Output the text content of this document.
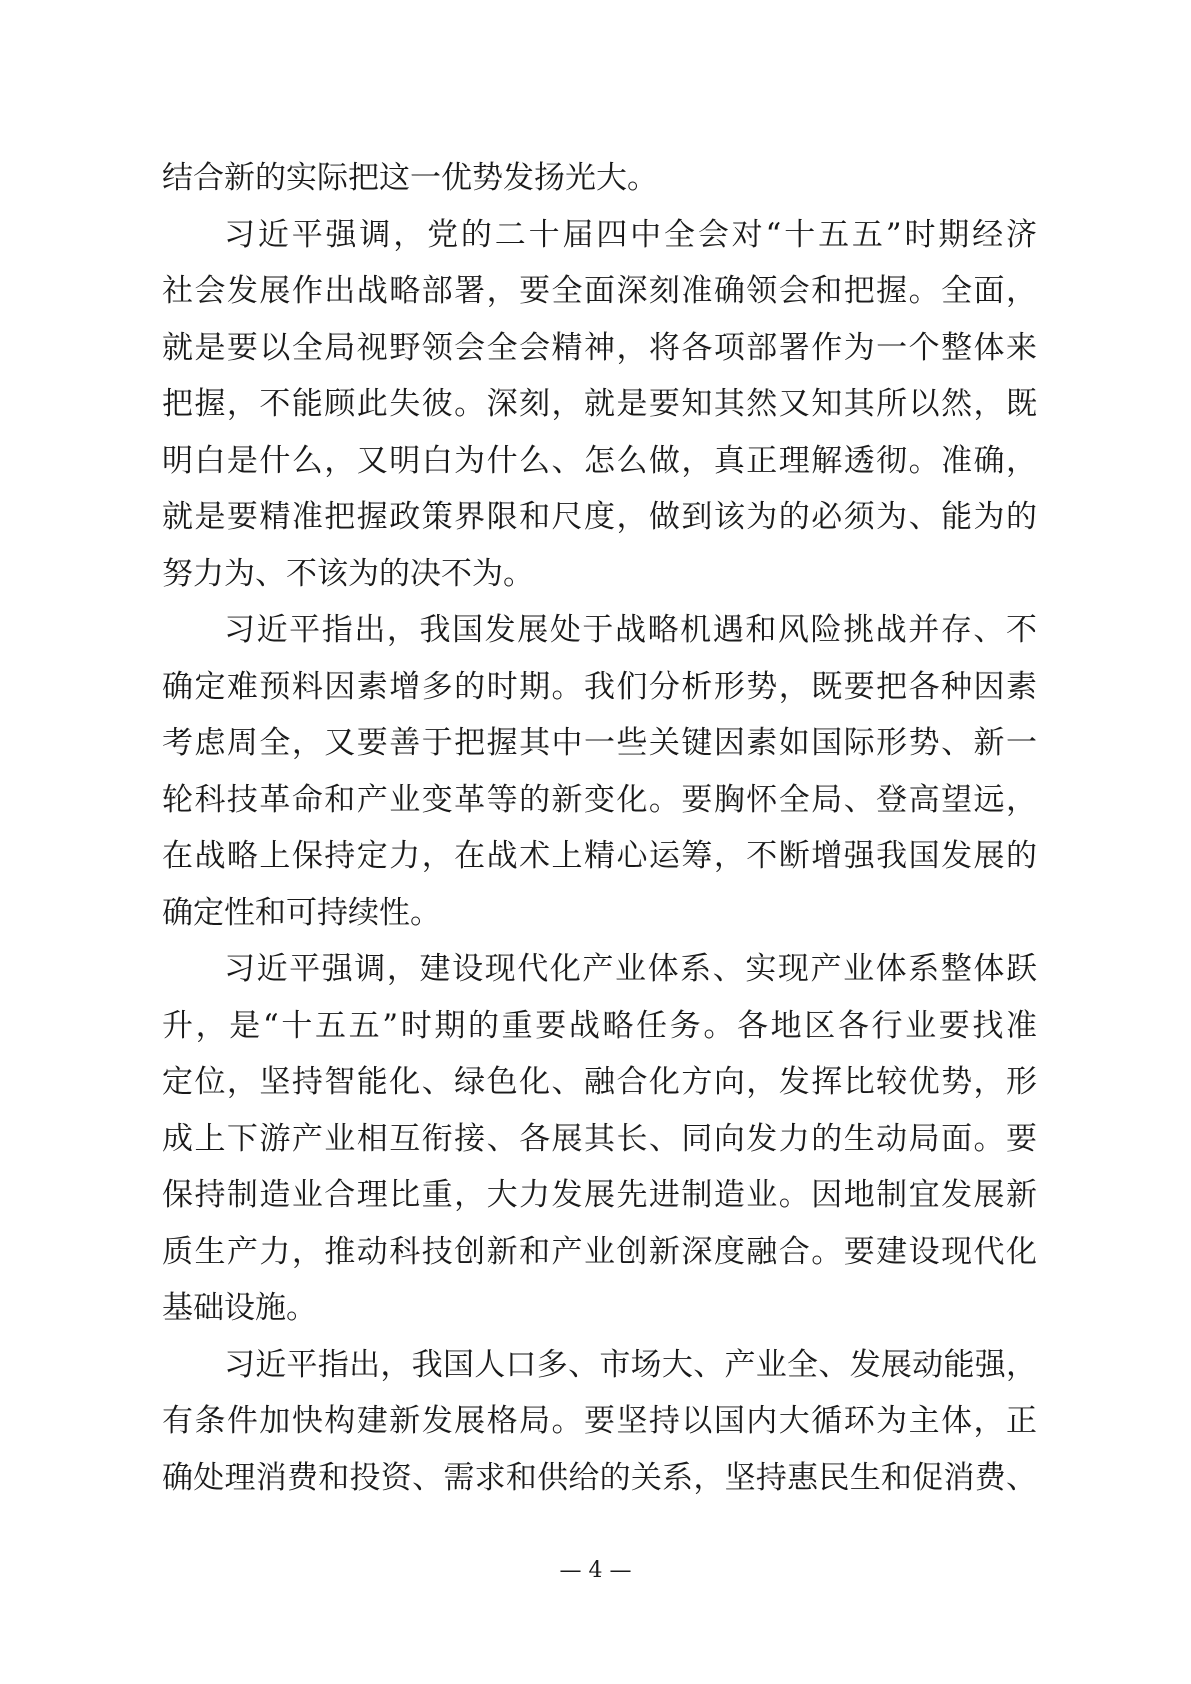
结合新的实际把这一优势发扬光大。
习近平强调，党的二十届四中全会对“十五五”时期经济
社会发展作出战略部署，要全面深刻准确领会和把握。全面，
就是要以全局视野领会全会精神，将各项部署作为一个整体来
把握，不能顾此失彼。深刻，就是要知其然又知其所以然，既
明白是什么，又明白为什么、怎么做，真正理解透彻。准确，
就是要精准把握政策界限和尺度，做到该为的必须为、能为的
努力为、不该为的决不为。
习近平指出，我国发展处于战略机遇和风险挑战并存、不
确定难预料因素增多的时期。我们分析形势，既要把各种因素
考虑周全，又要善于把握其中一些关键因素如国际形势、新一
轮科技革命和产业变革等的新变化。要胸怀全局、登高望远，
在战略上保持定力，在战术上精心运筹，不断增强我国发展的
确定性和可持续性。
习近平强调，建设现代化产业体系、实现产业体系整体跃
升，是“十五五”时期的重要战略任务。各地区各行业要找准
定位，坚持智能化、绿色化、融合化方向，发挥比较优势，形
成上下游产业相互衔接、各展其长、同向发力的生动局面。要
保持制造业合理比重，大力发展先进制造业。因地制宜发展新
质生产力，推动科技创新和产业创新深度融合。要建设现代化
基础设施。
习近平指出，我国人口多、市场大、产业全、发展动能强，
有条件加快构建新发展格局。要坚持以国内大循环为主体，正
确处理消费和投资、需求和供给的关系，坚持惠民生和促消费、
— 4 —
